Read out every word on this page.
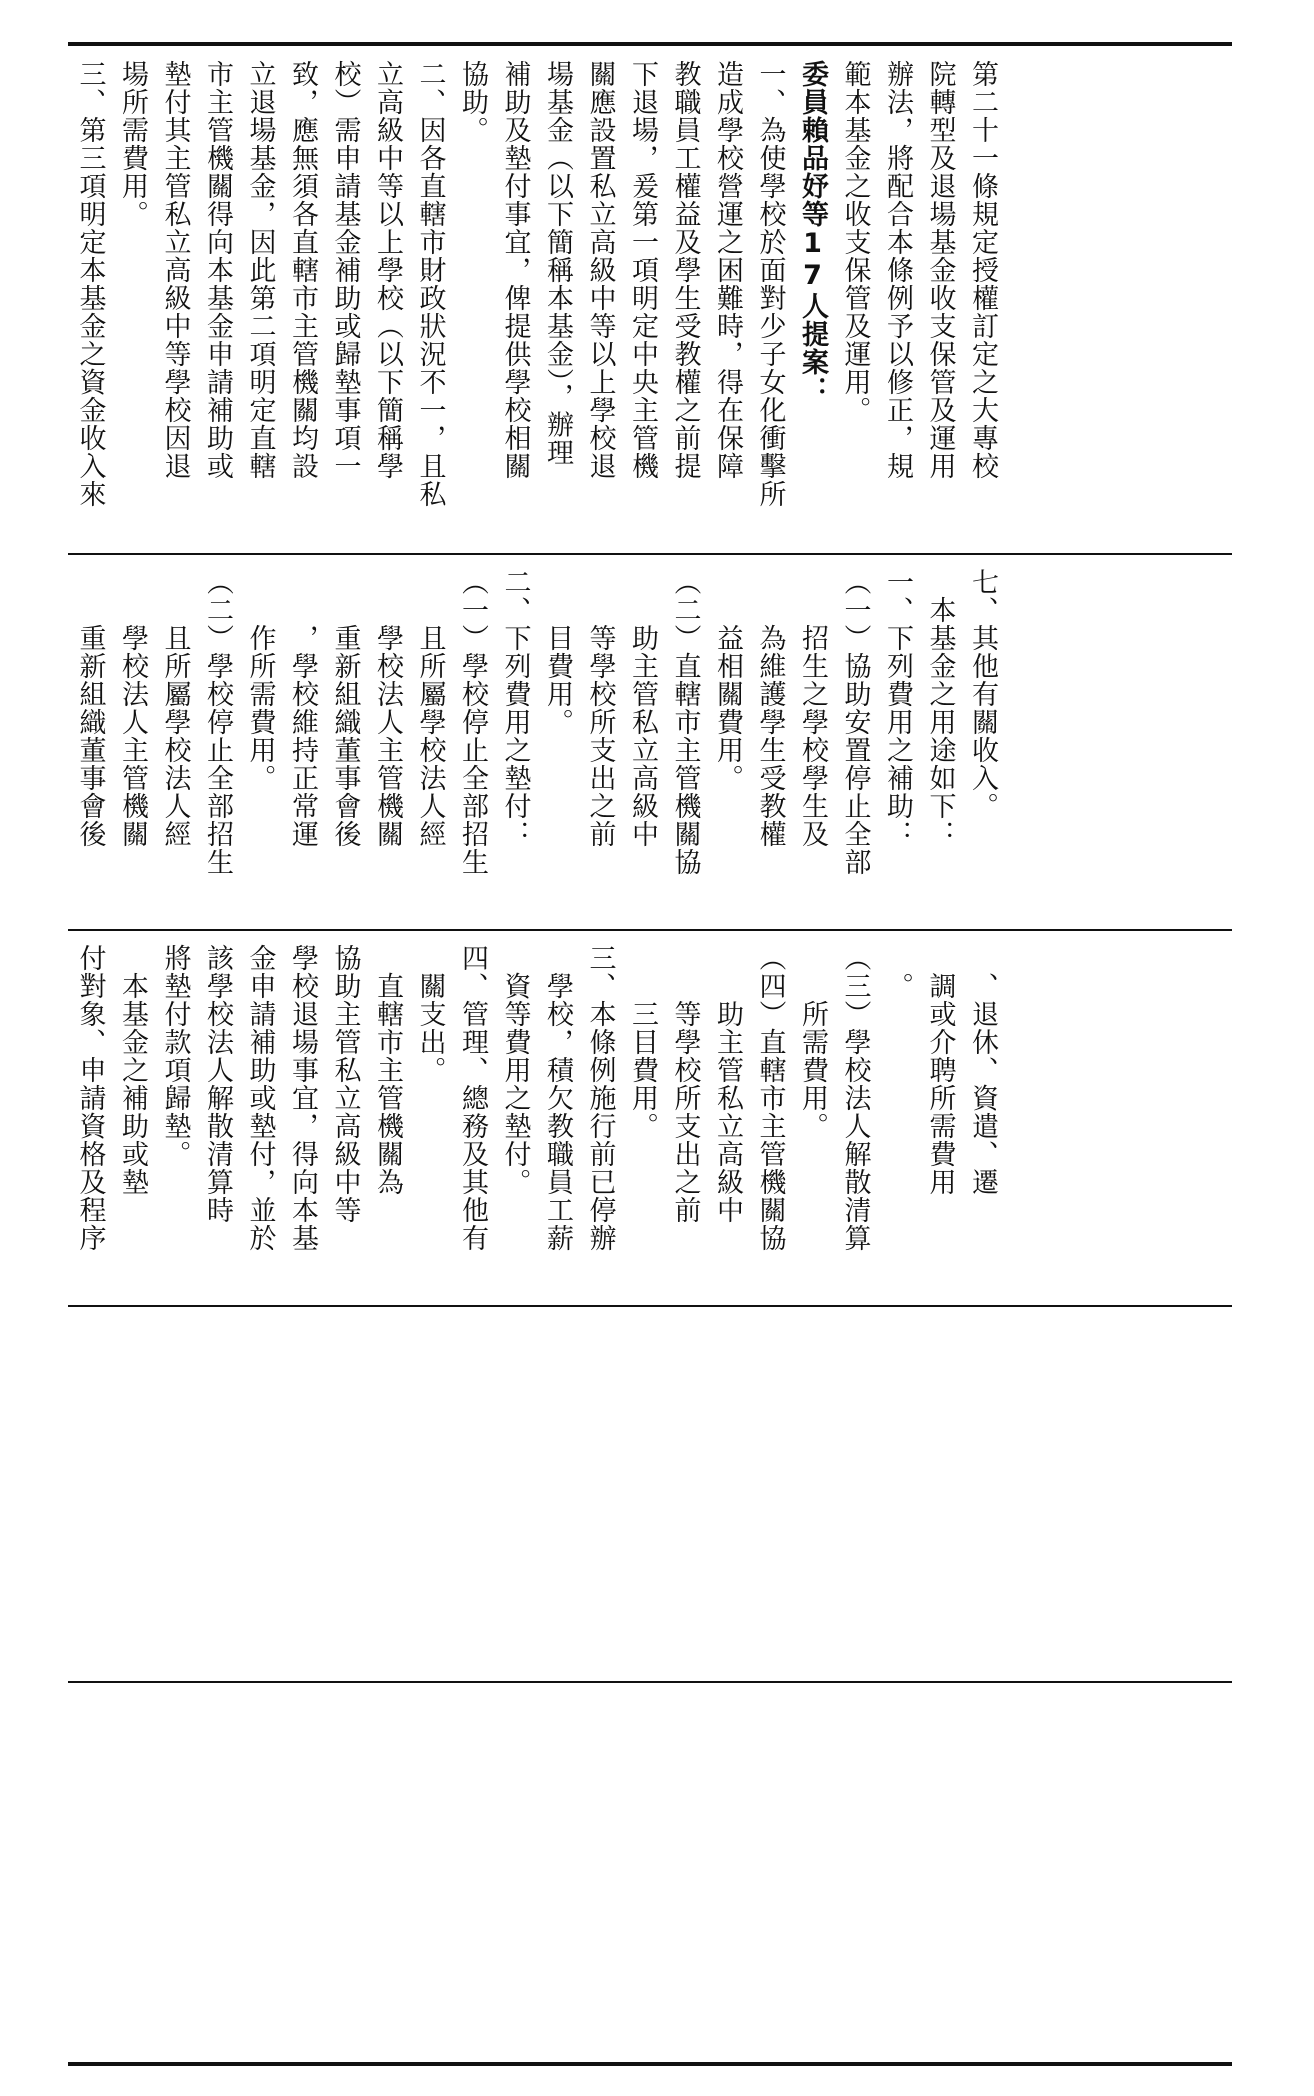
第二十一條規定授權訂定之大專校

院轉型及退場基金收支保管及運用

辦法，將配合本條例予以修正，規

範本基金之收支保管及運用。

委員賴品妤等17人提案：

一、為使學校於面對少子女化衝擊所

造成學校營運之困難時，得在保障

教職員工權益及學生受教權之前提

下退場，爰第一項明定中央主管機

關應設置私立高級中等以上學校退

場基金（以下簡稱本基金），辦理

補助及墊付事宜，俾提供學校相關

協助。

二、因各直轄市財政狀況不一，且私

立高級中等以上學校（以下簡稱學

校）需申請基金補助或歸墊事項一

致，應無須各直轄市主管機關均設

立退場基金，因此第二項明定直轄

市主管機關得向本基金申請補助或

墊付其主管私立高級中等學校因退

場所需費用。

三、第三項明定本基金之資金收入來

七、其他有關收入。

　本基金之用途如下：

一、下列費用之補助：

（一）協助安置停止全部

　　招生之學校學生及

　　為維護學生受教權

　　益相關費用。

（二）直轄市主管機關協

　　助主管私立高級中

　　等學校所支出之前

　　目費用。

二、下列費用之墊付：

（一）學校停止全部招生

　　且所屬學校法人經

　　學校法人主管機關

　　重新組織董事會後

　　，學校維持正常運

　　作所需費用。

（二）學校停止全部招生

　　且所屬學校法人經

　　學校法人主管機關

　　重新組織董事會後

　、退休、資遣、遷

　調或介聘所需費用

　。

（三）學校法人解散清算

　　所需費用。

（四）直轄市主管機關協

　　助主管私立高級中

　　等學校所支出之前

　　三目費用。

三、本條例施行前已停辦

　學校，積欠教職員工薪

　資等費用之墊付。

四、管理、總務及其他有

　關支出。

　直轄市主管機關為

協助主管私立高級中等

學校退場事宜，得向本基

金申請補助或墊付，並於

該學校法人解散清算時

將墊付款項歸墊。

　本基金之補助或墊

付對象、申請資格及程序
